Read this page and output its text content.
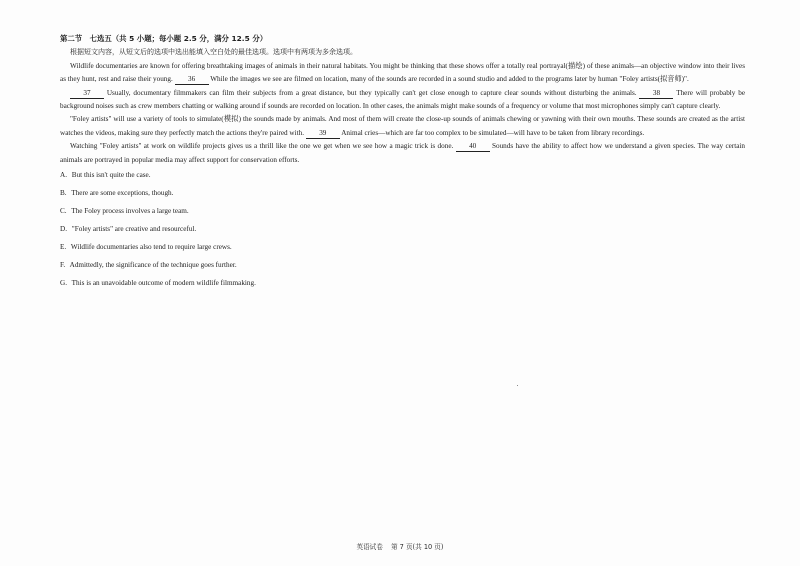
第二节　七选五（共 5 小题；每小题 2.5 分，满分 12.5 分）
根据短文内容，从短文后的选项中选出能填入空白处的最佳选项。选项中有两项为多余选项。
Wildlife documentaries are known for offering breathtaking images of animals in their natural habitats. You might be thinking that these shows offer a totally real portrayal(描绘) of these animals—an objective window into their lives as they hunt, rest and raise their young. 36 While the images we see are filmed on location, many of the sounds are recorded in a sound studio and added to the programs later by human "Foley artists(拟音师)".
37 Usually, documentary filmmakers can film their subjects from a great distance, but they typically can't get close enough to capture clear sounds without disturbing the animals. 38 There will probably be background noises such as crew members chatting or walking around if sounds are recorded on location. In other cases, the animals might make sounds of a frequency or volume that most microphones simply can't capture clearly.
"Foley artists" will use a variety of tools to simulate(模拟) the sounds made by animals. And most of them will create the close-up sounds of animals chewing or yawning with their own mouths. These sounds are created as the artist watches the videos, making sure they perfectly match the actions they're paired with. 39 Animal cries—which are far too complex to be simulated—will have to be taken from library recordings.
Watching "Foley artists" at work on wildlife projects gives us a thrill like the one we get when we see how a magic trick is done. 40 Sounds have the ability to affect how we understand a given species. The way certain animals are portrayed in popular media may affect support for conservation efforts.
A. But this isn't quite the case.
B. There are some exceptions, though.
C. The Foley process involves a large team.
D. "Foley artists" are creative and resourceful.
E. Wildlife documentaries also tend to require large crews.
F. Admittedly, the significance of the technique goes further.
G. This is an unavoidable outcome of modern wildlife filmmaking.
英语试卷 第 7 页(共 10 页)
